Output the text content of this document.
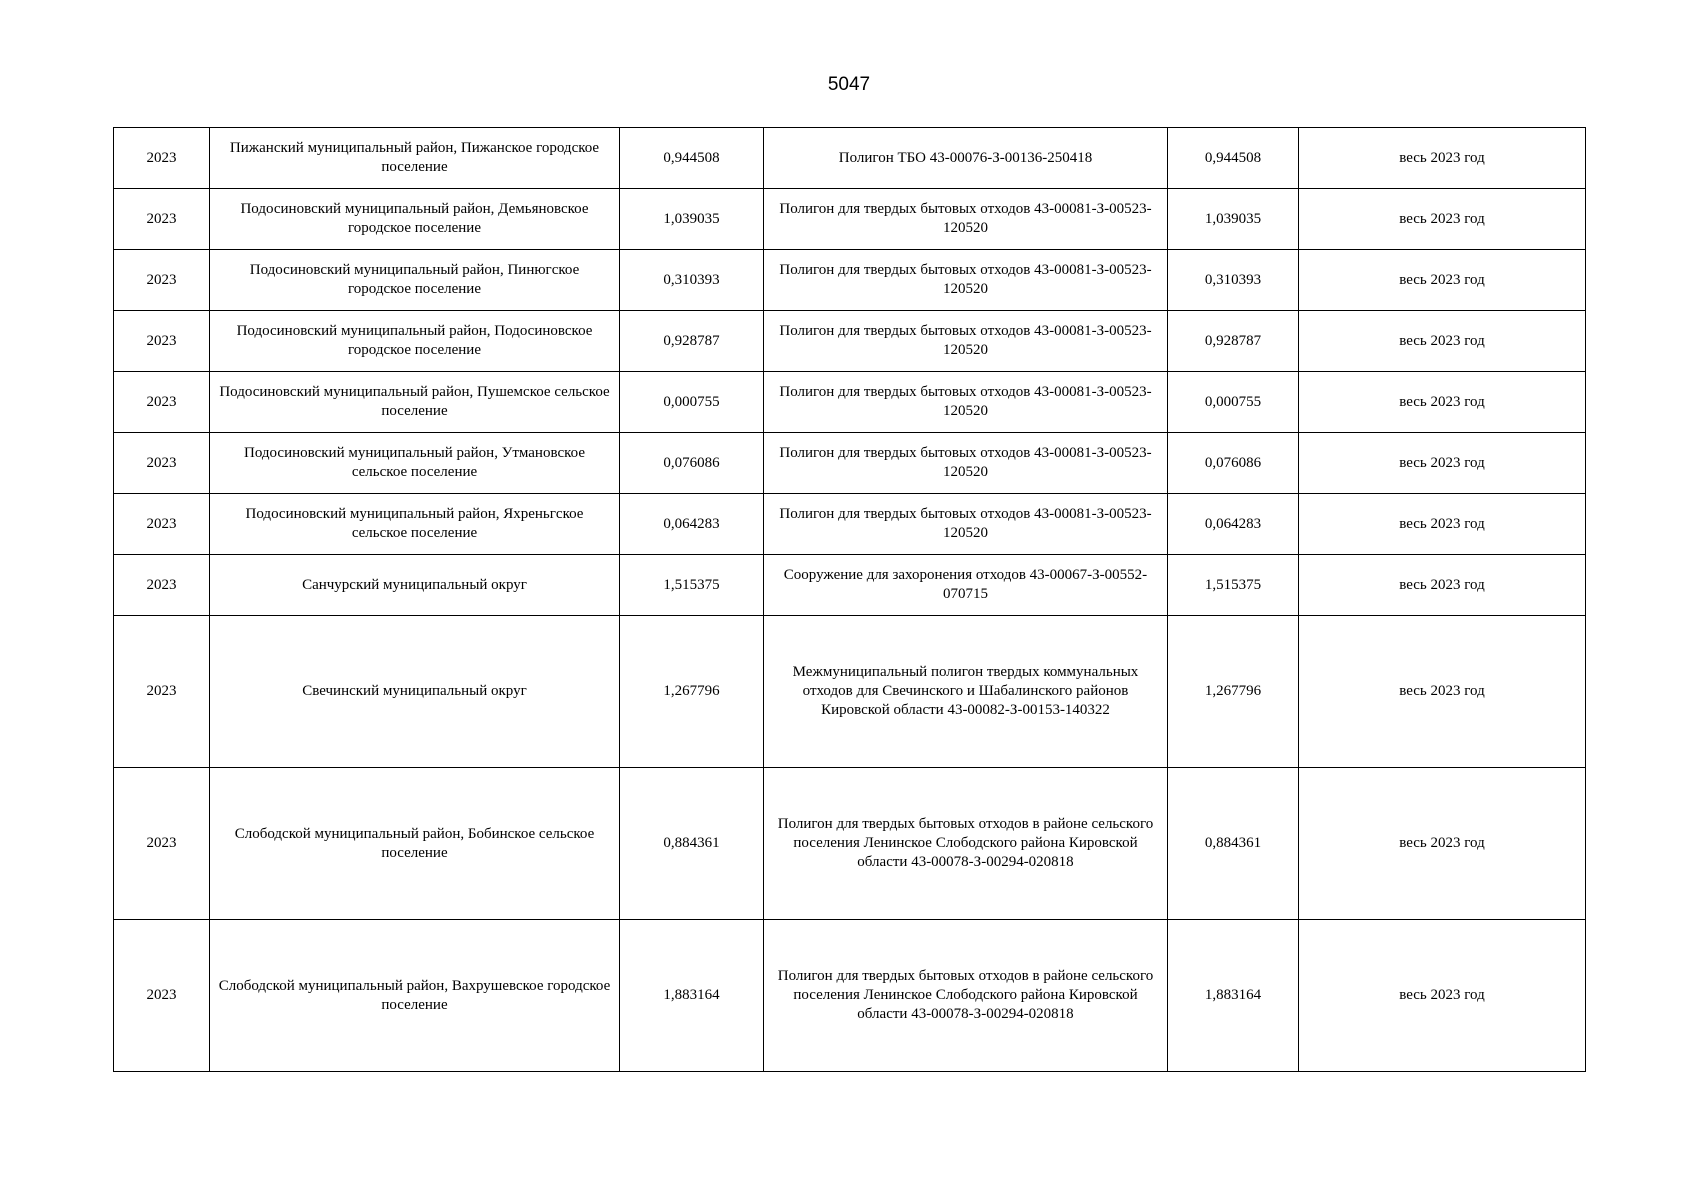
5047
2023	Пижанский муниципальный район, Пижанское городское поселение	0,944508	Полигон ТБО 43-00076-З-00136-250418	0,944508	весь 2023 год
2023	Подосиновский муниципальный район, Демьяновское городское поселение	1,039035	Полигон для твердых бытовых отходов 43-00081-З-00523-120520	1,039035	весь 2023 год
2023	Подосиновский муниципальный район, Пинюгское городское поселение	0,310393	Полигон для твердых бытовых отходов 43-00081-З-00523-120520	0,310393	весь 2023 год
2023	Подосиновский муниципальный район, Подосиновское городское поселение	0,928787	Полигон для твердых бытовых отходов 43-00081-З-00523-120520	0,928787	весь 2023 год
2023	Подосиновский муниципальный район, Пушемское сельское поселение	0,000755	Полигон для твердых бытовых отходов 43-00081-З-00523-120520	0,000755	весь 2023 год
2023	Подосиновский муниципальный район, Утмановское сельское поселение	0,076086	Полигон для твердых бытовых отходов 43-00081-З-00523-120520	0,076086	весь 2023 год
2023	Подосиновский муниципальный район, Яхреньгское сельское поселение	0,064283	Полигон для твердых бытовых отходов 43-00081-З-00523-120520	0,064283	весь 2023 год
2023	Санчурский муниципальный округ	1,515375	Сооружение для захоронения отходов 43-00067-З-00552-070715	1,515375	весь 2023 год
2023	Свечинский муниципальный округ	1,267796	Межмуниципальный полигон твердых коммунальных отходов для Свечинского и Шабалинского районов Кировской области 43-00082-З-00153-140322	1,267796	весь 2023 год
2023	Слободской муниципальный район, Бобинское сельское поселение	0,884361	Полигон для твердых бытовых отходов в районе сельского поселения Ленинское Слободского района Кировской области 43-00078-З-00294-020818	0,884361	весь 2023 год
2023	Слободской муниципальный район, Вахрушевское городское поселение	1,883164	Полигон для твердых бытовых отходов в районе сельского поселения Ленинское Слободского района Кировской области 43-00078-З-00294-020818	1,883164	весь 2023 год
